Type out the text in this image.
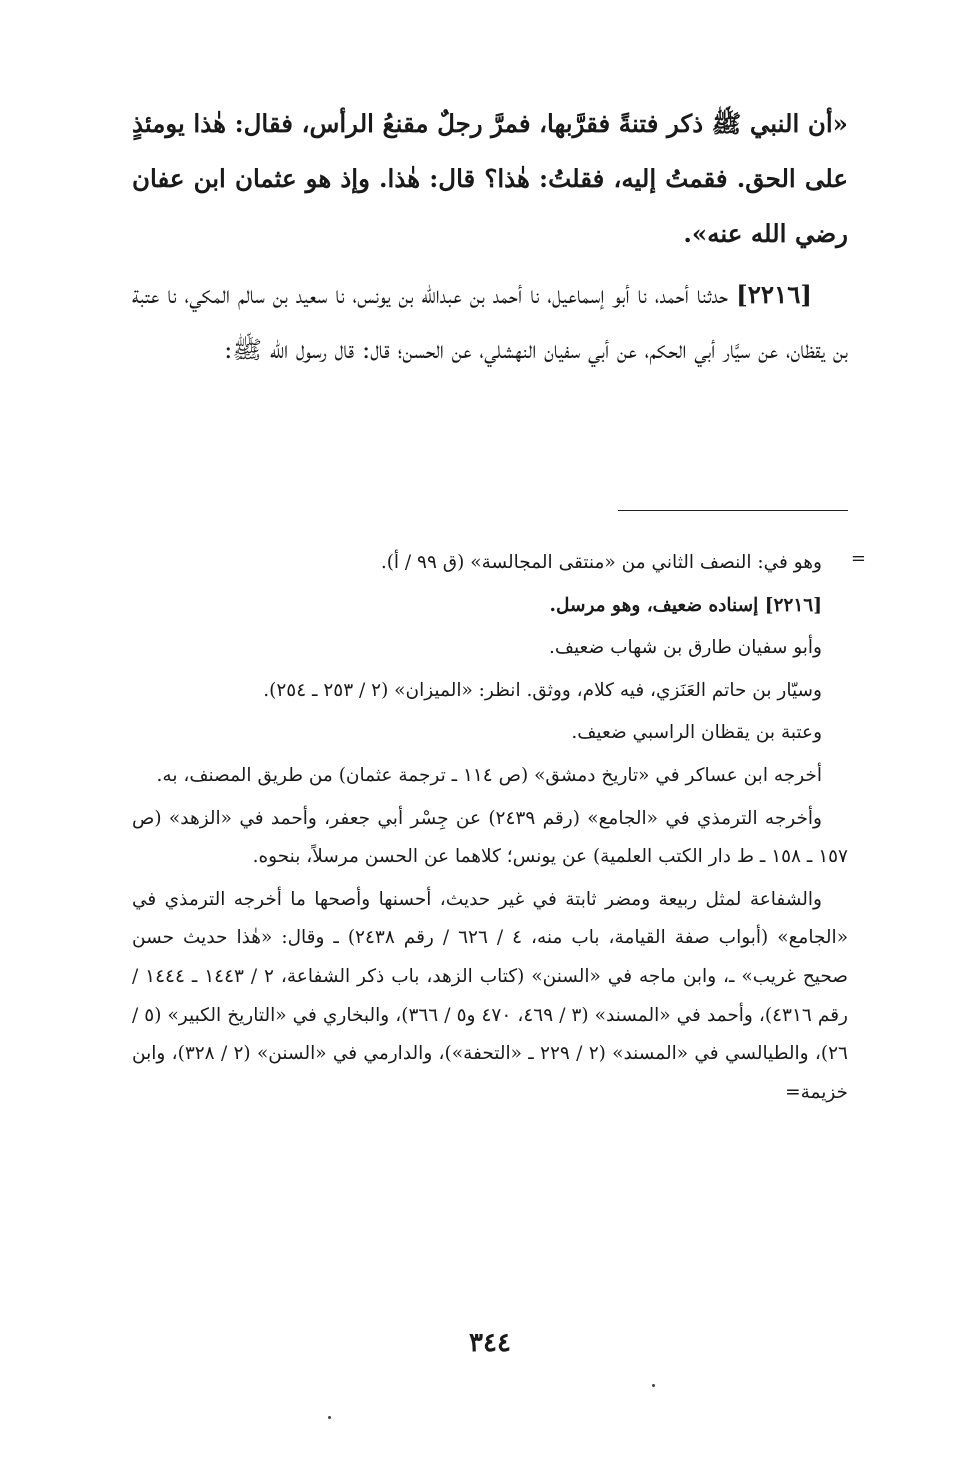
«أن النبي ﷺ ذكر فتنةً فقرَّبها، فمرَّ رجلٌ مقنعُ الرأس، فقال: هٰذا يومئذٍ على الحق. فقمتُ إليه، فقلتُ: هٰذا؟ قال: هٰذا. وإذ هو عثمان ابن عفان رضي الله عنه».

[٢٢١٦] حدثنا أحمد، نا أبو إسماعيل، نا أحمد بن عبدالله بن يونس، نا سعيد بن سالم المكي، نا عتبة بن يقظان، عن سيَّار أبي الحكم، عن أبي سفيان النهشلي، عن الحسن؛ قال: قال رسول الله ﷺ:

=

وهو في: النصف الثاني من «منتقى المجالسة» (ق ٩٩ / أ).

[٢٢١٦] إسناده ضعيف، وهو مرسل.

وأبو سفيان طارق بن شهاب ضعيف.

وسيّار بن حاتم العَنَزي، فيه كلام، ووثق. انظر: «الميزان» (٢ / ٢٥٣ ـ ٢٥٤).

وعتبة بن يقظان الراسبي ضعيف.

أخرجه ابن عساكر في «تاريخ دمشق» (ص ١١٤ ـ ترجمة عثمان) من طريق المصنف، به.

وأخرجه الترمذي في «الجامع» (رقم ٢٤٣٩) عن جِسْر أبي جعفر، وأحمد في «الزهد» (ص ١٥٧ ـ ١٥٨ ـ ط دار الكتب العلمية) عن يونس؛ كلاهما عن الحسن مرسلاً، بنحوه.

والشفاعة لمثل ربيعة ومضر ثابتة في غير حديث، أحسنها وأصحها ما أخرجه الترمذي في «الجامع» (أبواب صفة القيامة، باب منه، ٤ / ٦٢٦ / رقم ٢٤٣٨) ـ وقال: «هٰذا حديث حسن صحيح غريب» ـ، وابن ماجه في «السنن» (كتاب الزهد، باب ذكر الشفاعة، ٢ / ١٤٤٣ ـ ١٤٤٤ / رقم ٤٣١٦)، وأحمد في «المسند» (٣ / ٤٦٩، ٤٧٠ و٥ / ٣٦٦)، والبخاري في «التاريخ الكبير» (٥ / ٢٦)، والطيالسي في «المسند» (٢ / ٢٢٩ ـ «التحفة»)، والدارمي في «السنن» (٢ / ٣٢٨)، وابن خزيمة=

٣٤٤
